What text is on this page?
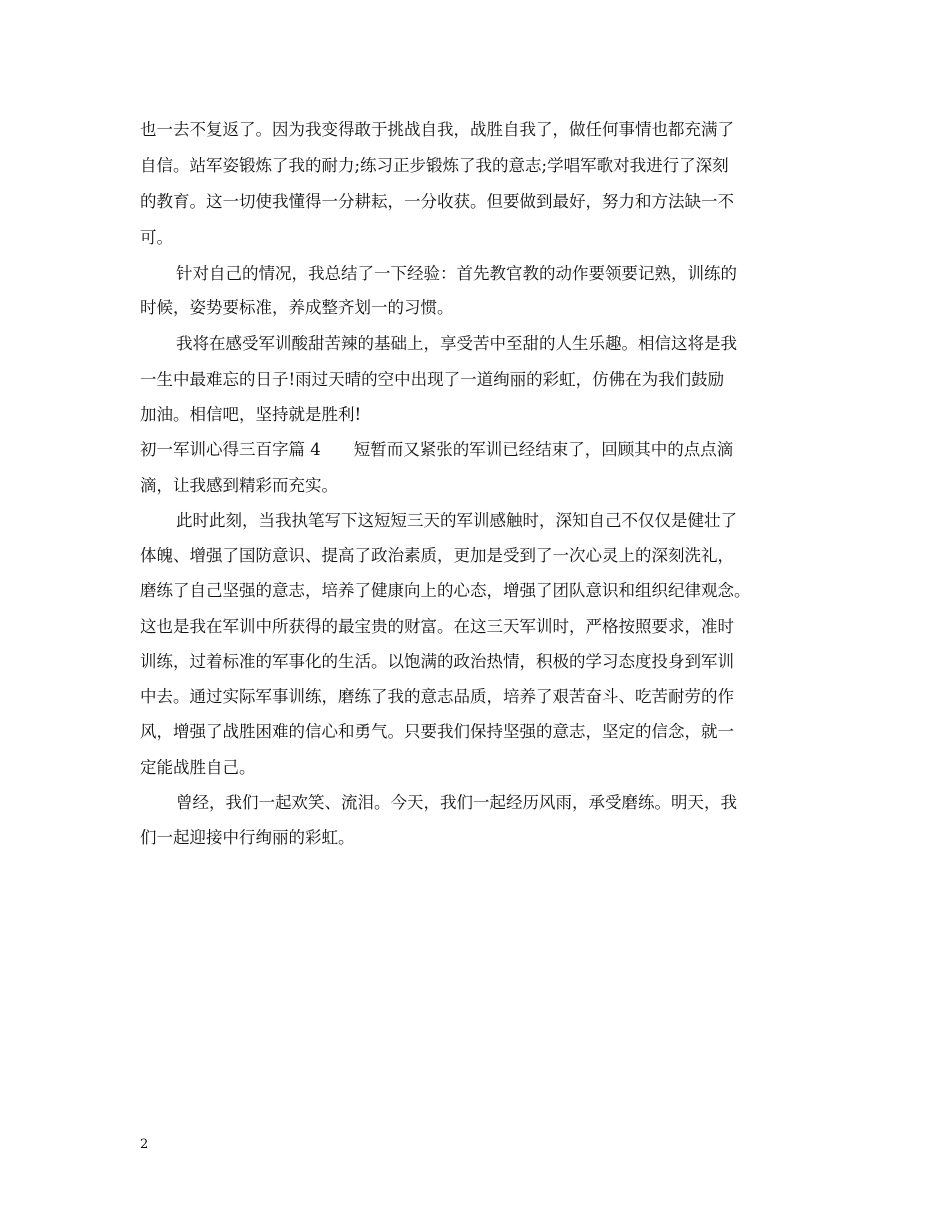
也一去不复返了。因为我变得敢于挑战自我，战胜自我了，做任何事情也都充满了
自信。站军姿锻炼了我的耐力;练习正步锻炼了我的意志;学唱军歌对我进行了深刻
的教育。这一切使我懂得一分耕耘，一分收获。但要做到最好，努力和方法缺一不
可。
针对自己的情况，我总结了一下经验：首先教官教的动作要领要记熟，训练的
时候，姿势要标准，养成整齐划一的习惯。
我将在感受军训酸甜苦辣的基础上，享受苦中至甜的人生乐趣。相信这将是我
一生中最难忘的日子!雨过天晴的空中出现了一道绚丽的彩虹，仿佛在为我们鼓励
加油。相信吧，坚持就是胜利!
初一军训心得三百字篇 4　　短暂而又紧张的军训已经结束了，回顾其中的点点滴
滴，让我感到精彩而充实。
此时此刻，当我执笔写下这短短三天的军训感触时，深知自己不仅仅是健壮了
体魄、增强了国防意识、提高了政治素质，更加是受到了一次心灵上的深刻洗礼，
磨练了自己坚强的意志，培养了健康向上的心态，增强了团队意识和组织纪律观念。
这也是我在军训中所获得的最宝贵的财富。在这三天军训时，严格按照要求，准时
训练，过着标准的军事化的生活。以饱满的政治热情，积极的学习态度投身到军训
中去。通过实际军事训练，磨练了我的意志品质，培养了艰苦奋斗、吃苦耐劳的作
风，增强了战胜困难的信心和勇气。只要我们保持坚强的意志，坚定的信念，就一
定能战胜自己。
曾经，我们一起欢笑、流泪。今天，我们一起经历风雨，承受磨练。明天，我
们一起迎接中行绚丽的彩虹。
2
